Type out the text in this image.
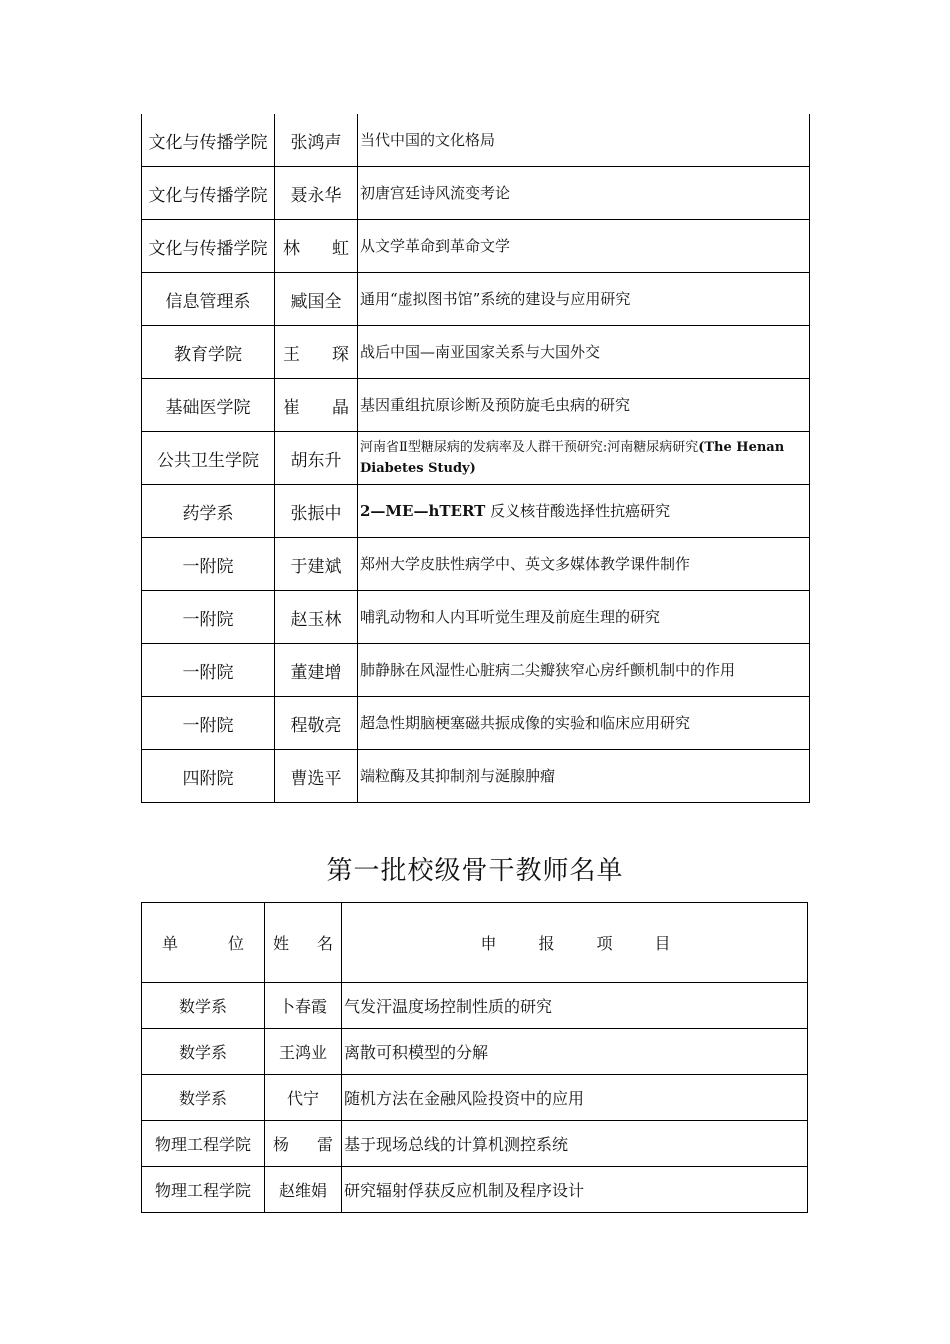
文化与传播学院	张鸿声	当代中国的文化格局
文化与传播学院	聂永华	初唐宫廷诗风流变考论
文化与传播学院	林 虹	从文学革命到革命文学
信息管理系	臧国全	通用“虚拟图书馆”系统的建设与应用研究
教育学院	王 琛	战后中国—南亚国家关系与大国外交
基础医学院	崔 晶	基因重组抗原诊断及预防旋毛虫病的研究
公共卫生学院	胡东升	河南省Ⅱ型糖尿病的发病率及人群干预研究:河南糖尿病研究(The Henan Diabetes Study)
药学系	张振中	2—ME—hTERT 反义核苷酸选择性抗癌研究
一附院	于建斌	郑州大学皮肤性病学中、英文多媒体教学课件制作
一附院	赵玉林	哺乳动物和人内耳听觉生理及前庭生理的研究
一附院	董建增	肺静脉在风湿性心脏病二尖瓣狭窄心房纤颤机制中的作用
一附院	程敬亮	超急性期脑梗塞磁共振成像的实验和临床应用研究
四附院	曹选平	端粒酶及其抑制剂与涎腺肿瘤
第一批校级骨干教师名单
单 位	姓 名	申 报 项 目

数学系	卜春霞	气发汗温度场控制性质的研究
数学系	王鸿业	离散可积模型的分解
数学系	代宁	随机方法在金融风险投资中的应用
物理工程学院	杨 雷	基于现场总线的计算机测控系统
物理工程学院	赵维娟	研究辐射俘获反应机制及程序设计
